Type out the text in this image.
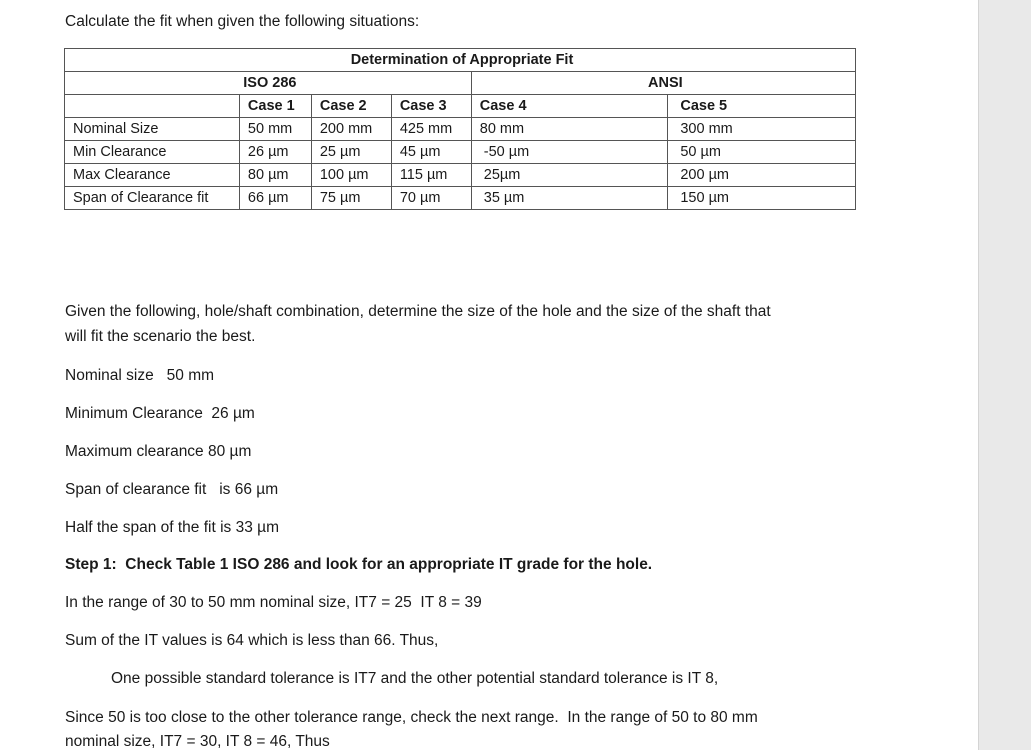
Calculate the fit when given the following situations:

Determination of Appropriate Fit					
ISO 286				ANSI	
	Case 1	Case 2	Case 3	Case 4	Case 5
Nominal Size	50 mm	200 mm	425 mm	80 mm	300 mm
Min Clearance	26 µm	25 µm	45 µm	-50 µm	50 µm
Max Clearance	80 µm	100 µm	115 µm	25µm	200 µm
Span of Clearance fit	66 µm	75 µm	70 µm	35 µm	150 µm

Given the following, hole/shaft combination, determine the size of the hole and the size of the shaft that

will fit the scenario the best.

Nominal size   50 mm

Minimum Clearance  26 µm

Maximum clearance 80 µm

Span of clearance fit   is 66 µm

Half the span of the fit is 33 µm

Step 1:  Check Table 1 ISO 286 and look for an appropriate IT grade for the hole.

In the range of 30 to 50 mm nominal size, IT7 = 25  IT 8 = 39

Sum of the IT values is 64 which is less than 66. Thus,

One possible standard tolerance is IT7 and the other potential standard tolerance is IT 8,

Since 50 is too close to the other tolerance range, check the next range.  In the range of 50 to 80 mm

nominal size, IT7 = 30, IT 8 = 46, Thus
